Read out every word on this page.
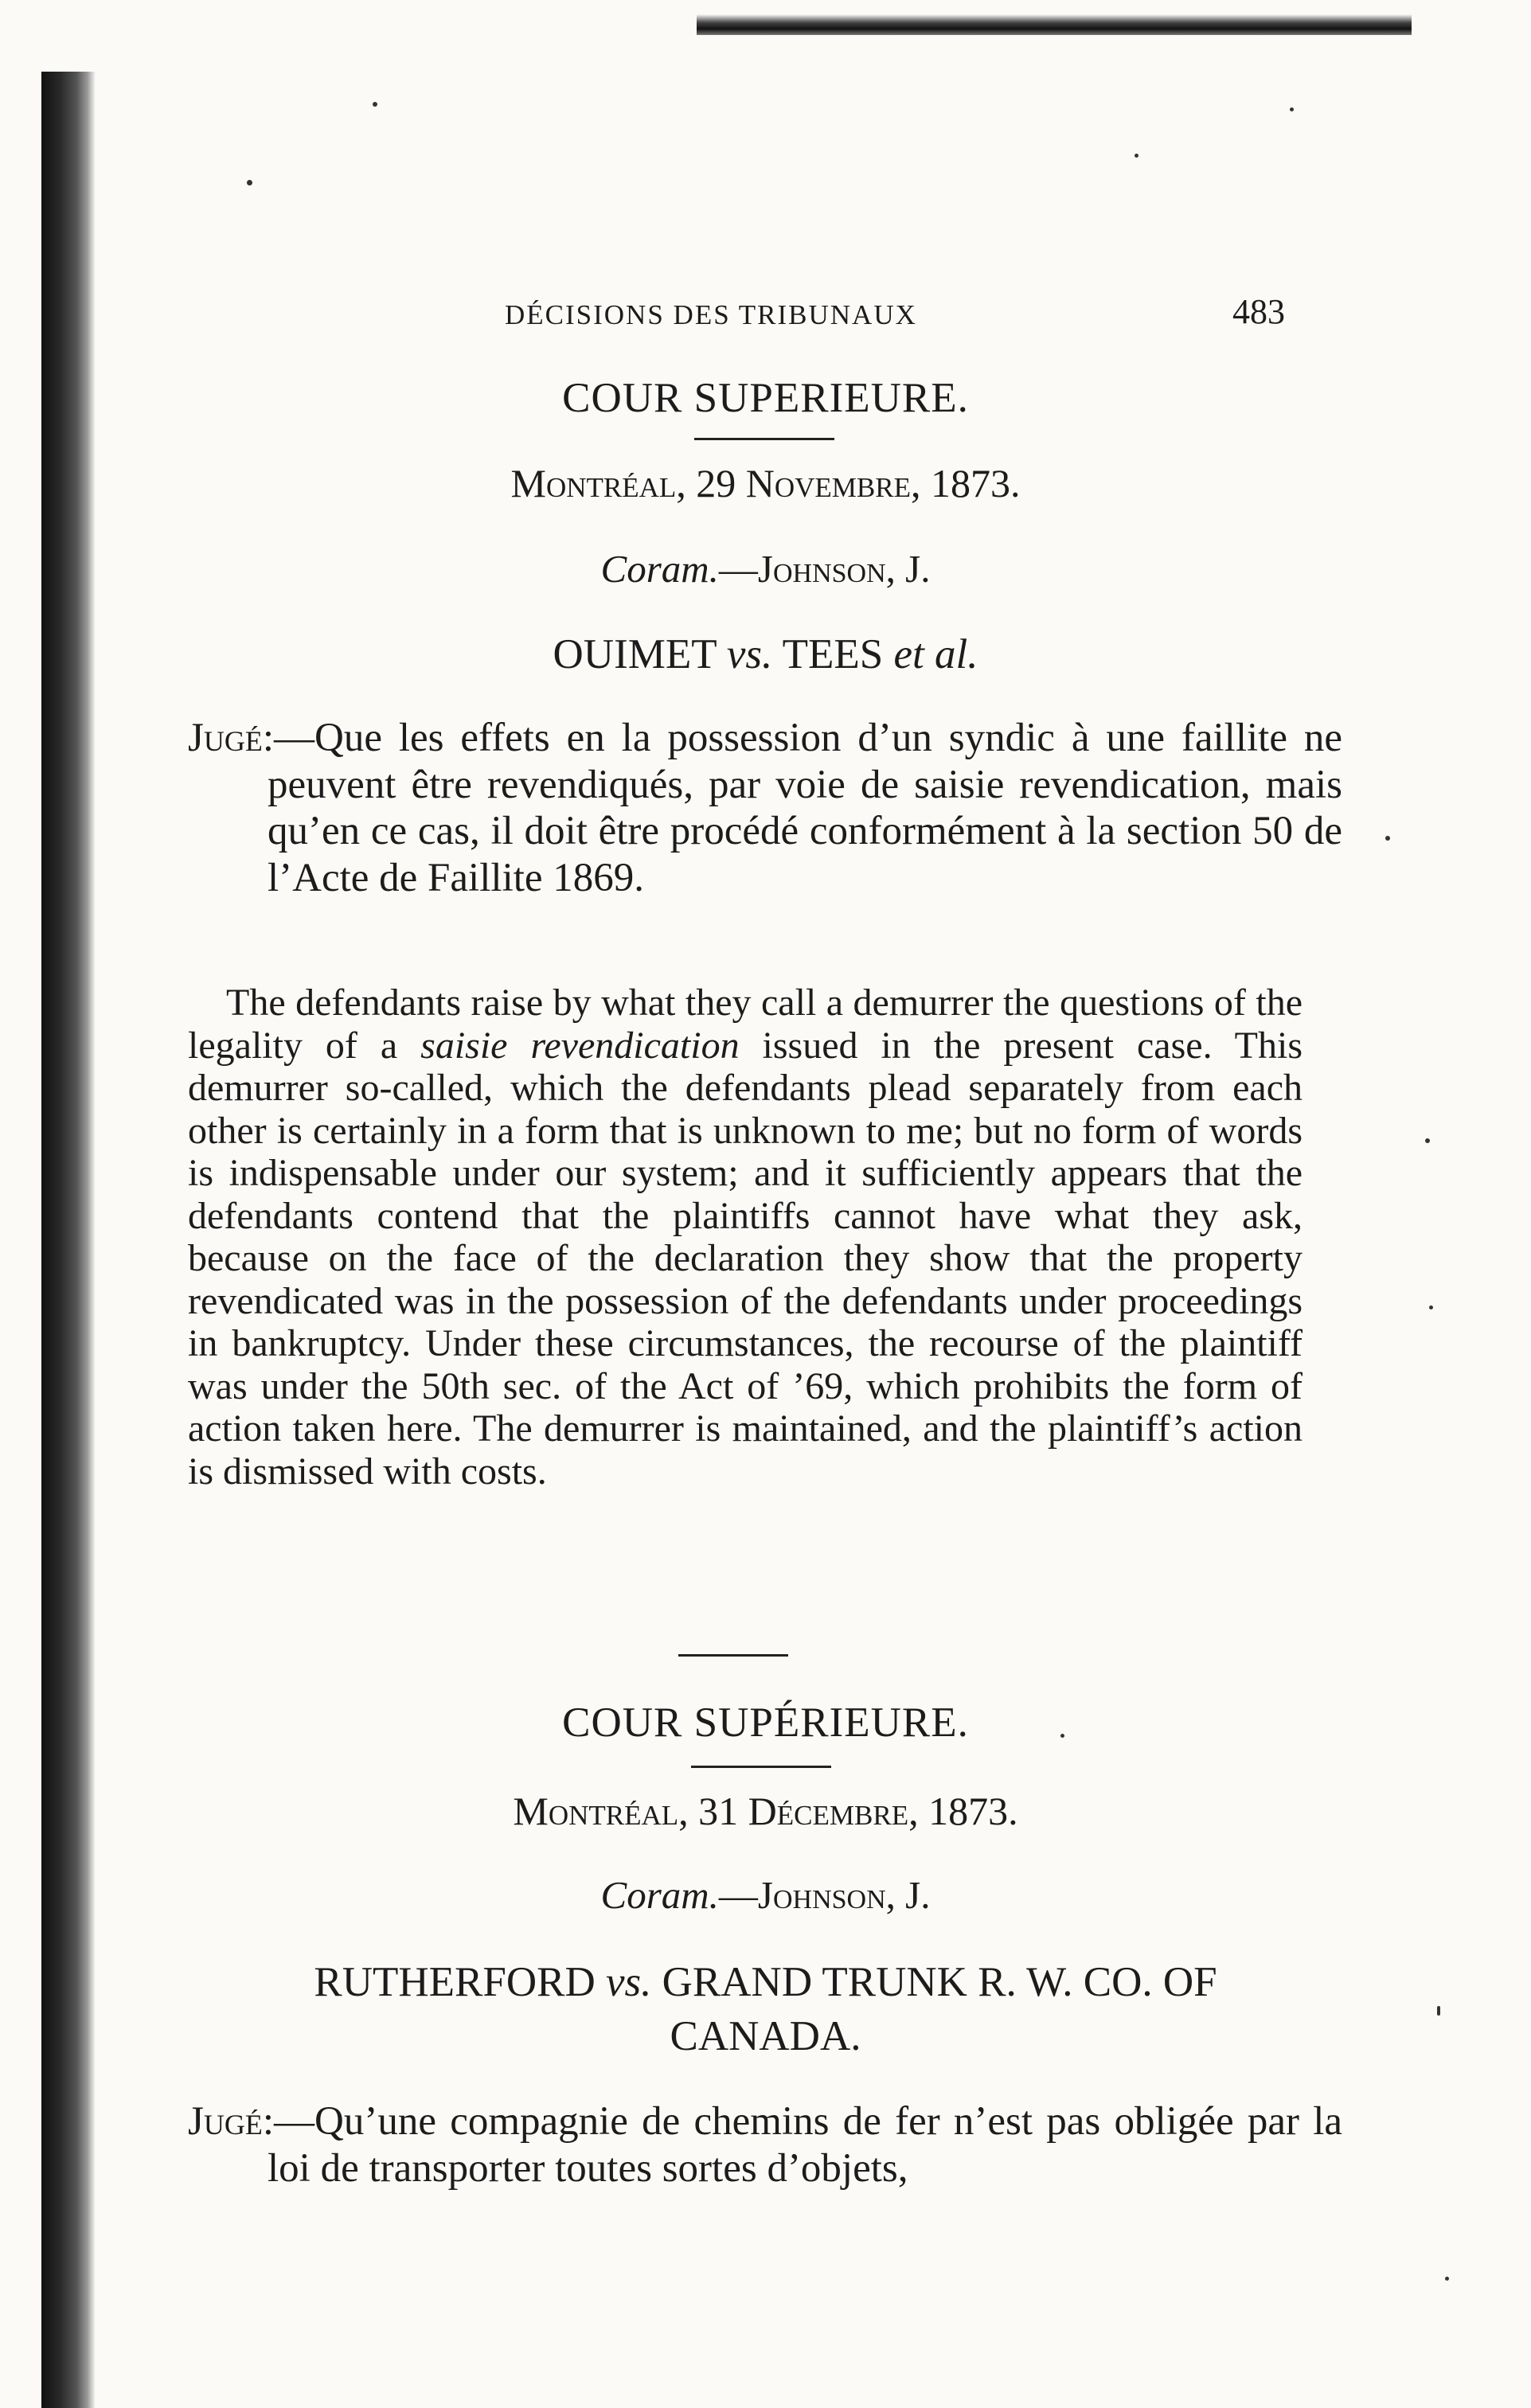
DÉCISIONS DES TRIBUNAUX	483
COUR SUPERIEURE.
Montréal, 29 Novembre, 1873.
Coram.—Johnson, J.
OUIMET vs. TEES et al.
Jugé:—Que les effets en la possession d’un syndic à une faillite ne peuvent être revendiqués, par voie de saisie revendication, mais qu’en ce cas, il doit être procédé conformément à la section 50 de l’Acte de Faillite 1869.
The defendants raise by what they call a demurrer the questions of the legality of a saisie revendication issued in the present case. This demurrer so-called, which the defendants plead separately from each other is certainly in a form that is unknown to me; but no form of words is indispensable under our system; and it sufficiently appears that the defendants contend that the plaintiffs cannot have what they ask, because on the face of the declaration they show that the property revendicated was in the possession of the defendants under proceedings in bankruptcy. Under these circumstances, the recourse of the plaintiff was under the 50th sec. of the Act of ’69, which prohibits the form of action taken here. The demurrer is maintained, and the plaintiff’s action is dismissed with costs.
COUR SUPÉRIEURE.
Montréal, 31 Décembre, 1873.
Coram.—Johnson, J.
RUTHERFORD vs. GRAND TRUNK R. W. CO. OF
CANADA.
Jugé:—Qu’une compagnie de chemins de fer n’est pas obligée par la loi de transporter toutes sortes d’objets,
